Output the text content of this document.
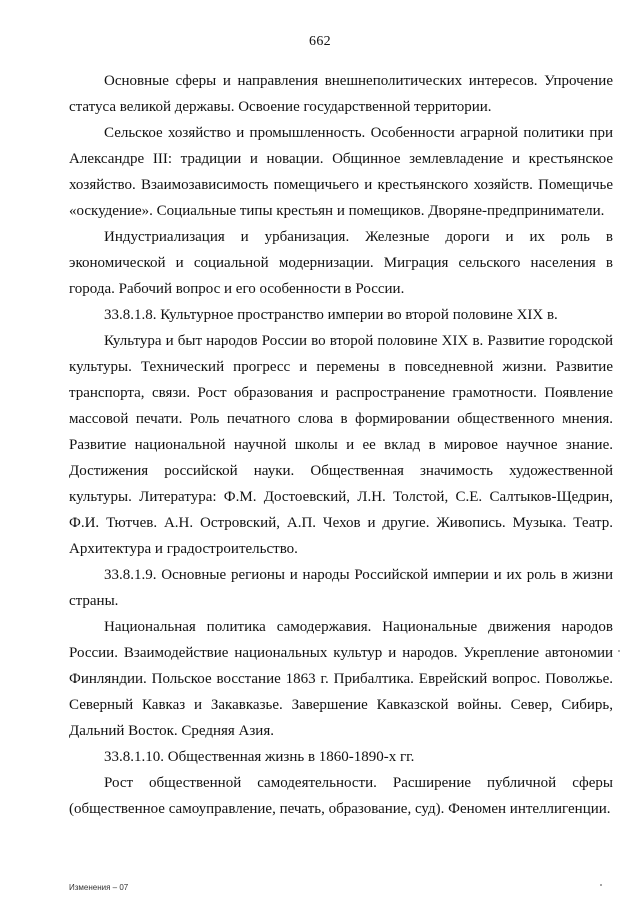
662

Основные сферы и направления внешнеполитических интересов. Упрочение статуса великой державы. Освоение государственной территории.

Сельское хозяйство и промышленность. Особенности аграрной политики при Александре III: традиции и новации. Общинное землевладение и крестьянское хозяйство. Взаимозависимость помещичьего и крестьянского хозяйств. Помещичье «оскудение». Социальные типы крестьян и помещиков. Дворяне-предприниматели.

Индустриализация и урбанизация. Железные дороги и их роль в экономической и социальной модернизации. Миграция сельского населения в города. Рабочий вопрос и его особенности в России.

33.8.1.8. Культурное пространство империи во второй половине XIX в.

Культура и быт народов России во второй половине XIX в. Развитие городской культуры. Технический прогресс и перемены в повседневной жизни. Развитие транспорта, связи. Рост образования и распространение грамотности. Появление массовой печати. Роль печатного слова в формировании общественного мнения. Развитие национальной научной школы и ее вклад в мировое научное знание. Достижения российской науки. Общественная значимость художественной культуры. Литература: Ф.М. Достоевский, Л.Н. Толстой, С.Е. Салтыков-Щедрин, Ф.И. Тютчев. А.Н. Островский, А.П. Чехов и другие. Живопись. Музыка. Театр. Архитектура и градостроительство.

33.8.1.9. Основные регионы и народы Российской империи и их роль в жизни страны.

Национальная политика самодержавия. Национальные движения народов России. Взаимодействие национальных культур и народов. Укрепление автономии Финляндии. Польское восстание 1863 г. Прибалтика. Еврейский вопрос. Поволжье. Северный Кавказ и Закавказье. Завершение Кавказской войны. Север, Сибирь, Дальний Восток. Средняя Азия.

33.8.1.10. Общественная жизнь в 1860-1890-х гг.

Рост общественной самодеятельности. Расширение публичной сферы (общественное самоуправление, печать, образование, суд). Феномен интеллигенции.

Изменения – 07
